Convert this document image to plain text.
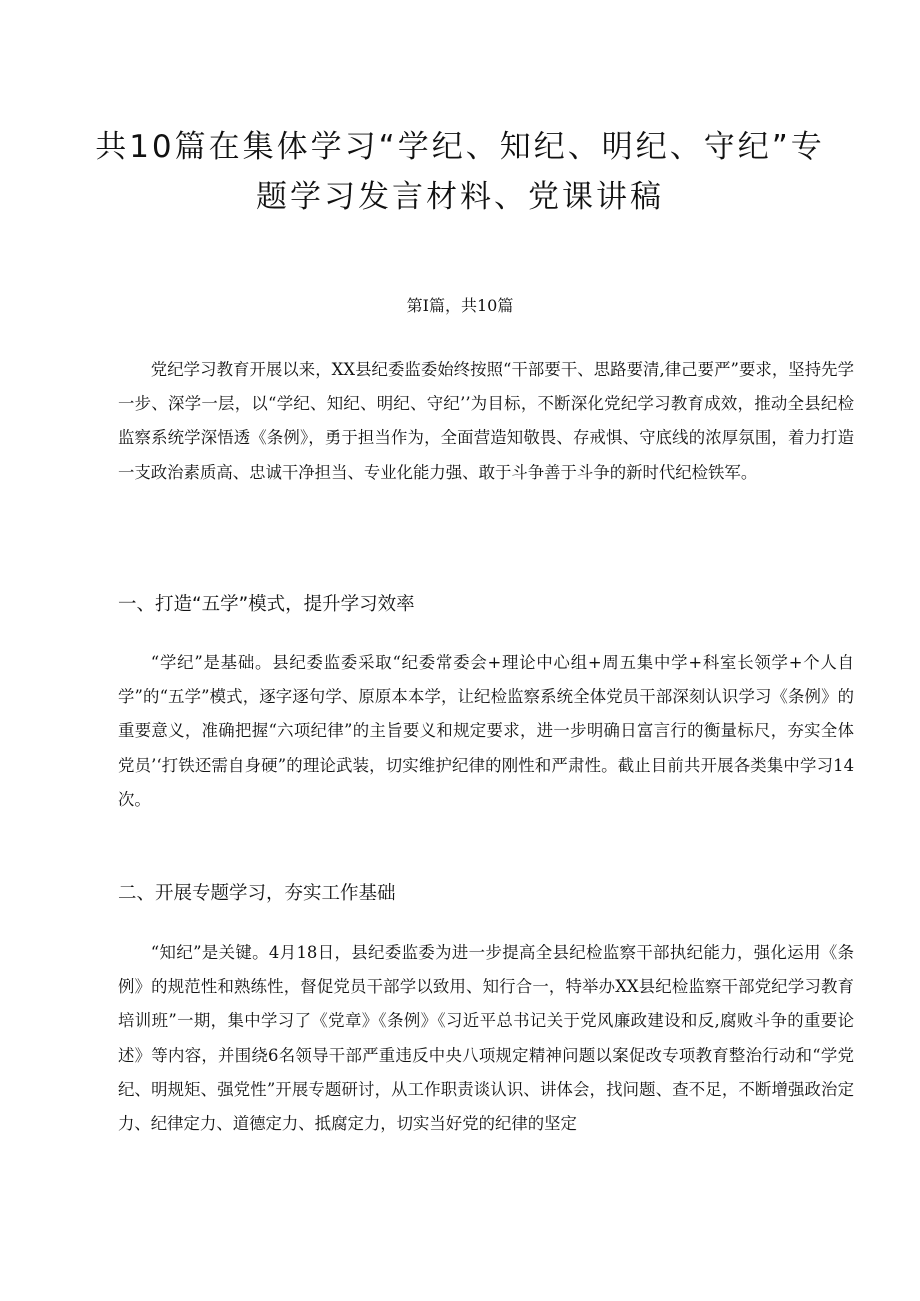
共10篇在集体学习“学纪、知纪、明纪、守纪”专
题学习发言材料、党课讲稿
第I篇，共10篇

党纪学习教育开展以来，XX县纪委监委始终按照“干部要干、思路要清,律己要严”要求，坚持先学一步、深学一层，以“学纪、知纪、明纪、守纪’’为目标，不断深化党纪学习教育成效，推动全县纪检监察系统学深悟透《条例》，勇于担当作为，全面营造知敬畏、存戒惧、守底线的浓厚氛围，着力打造一支政治素质高、忠诚干净担当、专业化能力强、敢于斗争善于斗争的新时代纪检铁军。

一、打造“五学”模式，提升学习效率

“学纪”是基础。县纪委监委采取“纪委常委会+理论中心组+周五集中学+科室长领学+个人自学”的“五学”模式，逐字逐句学、原原本本学，让纪检监察系统全体党员干部深刻认识学习《条例》的重要意义，准确把握“六项纪律”的主旨要义和规定要求，进一步明确日富言行的衡量标尺，夯实全体党员’‘打铁还需自身硬”的理论武装，切实维护纪律的刚性和严肃性。截止目前共开展各类集中学习14次。

二、开展专题学习，夯实工作基础

“知纪”是关键。4月18日，县纪委监委为进一步提高全县纪检监察干部执纪能力，强化运用《条例》的规范性和熟练性，督促党员干部学以致用、知行合一，特举办XX县纪检监察干部党纪学习教育培训班”一期，集中学习了《党章》《条例》《习近平总书记关于党风廉政建设和反,腐败斗争的重要论述》等内容，并围绕6名领导干部严重违反中央八项规定精神问题以案促改专项教育整治行动和“学党纪、明规矩、强党性”开展专题研讨，从工作职责谈认识、讲体会，找问题、查不足，不断增强政治定力、纪律定力、道德定力、抵腐定力，切实当好党的纪律的坚定
